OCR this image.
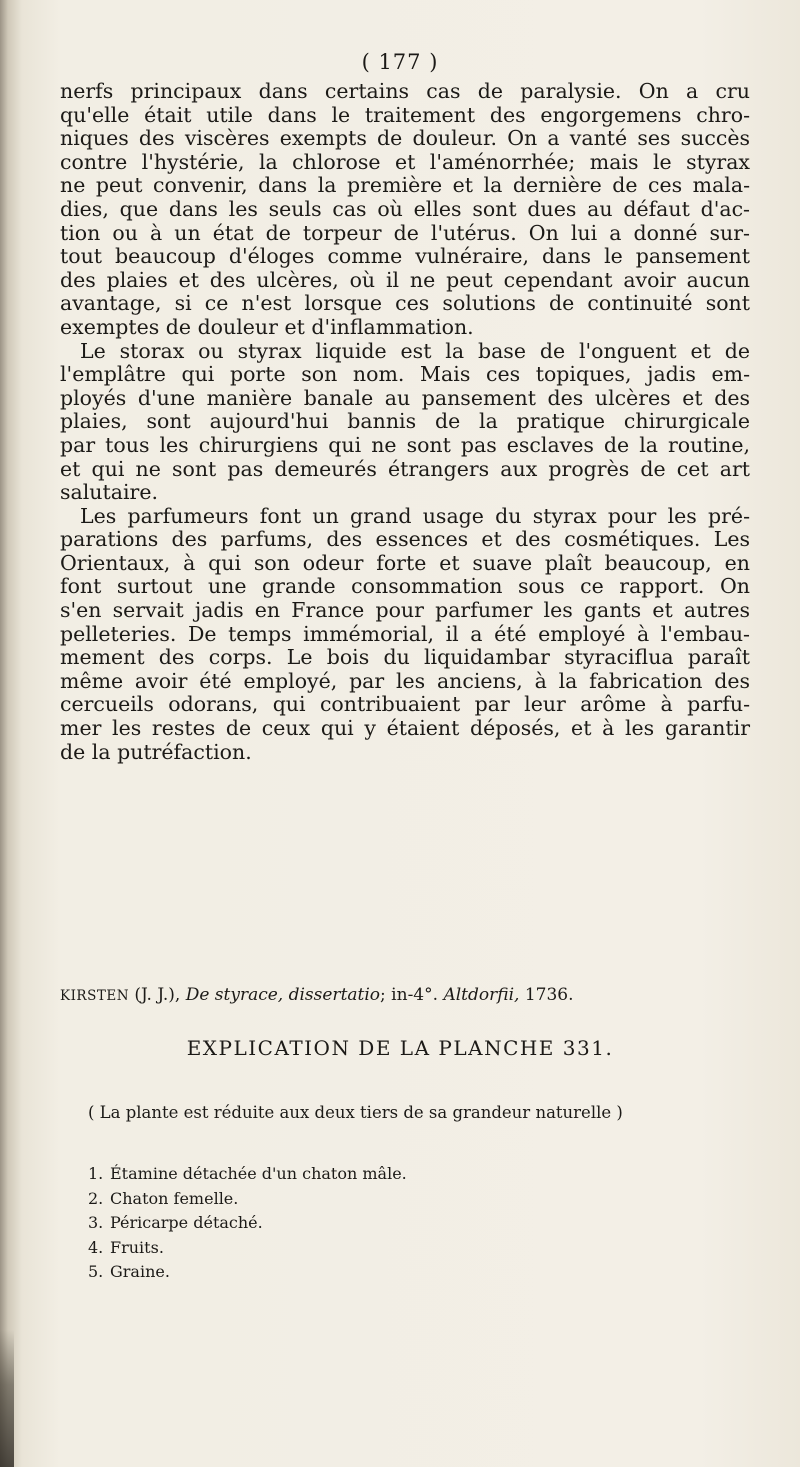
( 177 )
nerfs principaux dans certains cas de paralysie. On a cru
qu'elle était utile dans le traitement des engorgemens chro-
niques des viscères exempts de douleur. On a vanté ses succès
contre l'hystérie, la chlorose et l'aménorrhée; mais le styrax
ne peut convenir, dans la première et la dernière de ces mala-
dies, que dans les seuls cas où elles sont dues au défaut d'ac-
tion ou à un état de torpeur de l'utérus. On lui a donné sur-
tout beaucoup d'éloges comme vulnéraire, dans le pansement
des plaies et des ulcères, où il ne peut cependant avoir aucun
avantage, si ce n'est lorsque ces solutions de continuité sont
exemptes de douleur et d'inflammation.
Le storax ou styrax liquide est la base de l'onguent et de
l'emplâtre qui porte son nom. Mais ces topiques, jadis em-
ployés d'une manière banale au pansement des ulcères et des
plaies, sont aujourd'hui bannis de la pratique chirurgicale
par tous les chirurgiens qui ne sont pas esclaves de la routine,
et qui ne sont pas demeurés étrangers aux progrès de cet art
salutaire.
Les parfumeurs font un grand usage du styrax pour les pré-
parations des parfums, des essences et des cosmétiques. Les
Orientaux, à qui son odeur forte et suave plaît beaucoup, en
font surtout une grande consommation sous ce rapport. On
s'en servait jadis en France pour parfumer les gants et autres
pelleteries. De temps immémorial, il a été employé à l'embau-
mement des corps. Le bois du liquidambar styraciflua paraît
même avoir été employé, par les anciens, à la fabrication des
cercueils odorans, qui contribuaient par leur arôme à parfu-
mer les restes de ceux qui y étaient déposés, et à les garantir
de la putréfaction.
KIRSTEN (J. J.), De styrace, dissertatio; in-4°. Altdorfii, 1736.
EXPLICATION DE LA PLANCHE 331.
( La plante est réduite aux deux tiers de sa grandeur naturelle )
1. Étamine détachée d'un chaton mâle.
2. Chaton femelle.
3. Péricarpe détaché.
4. Fruits.
5. Graine.
